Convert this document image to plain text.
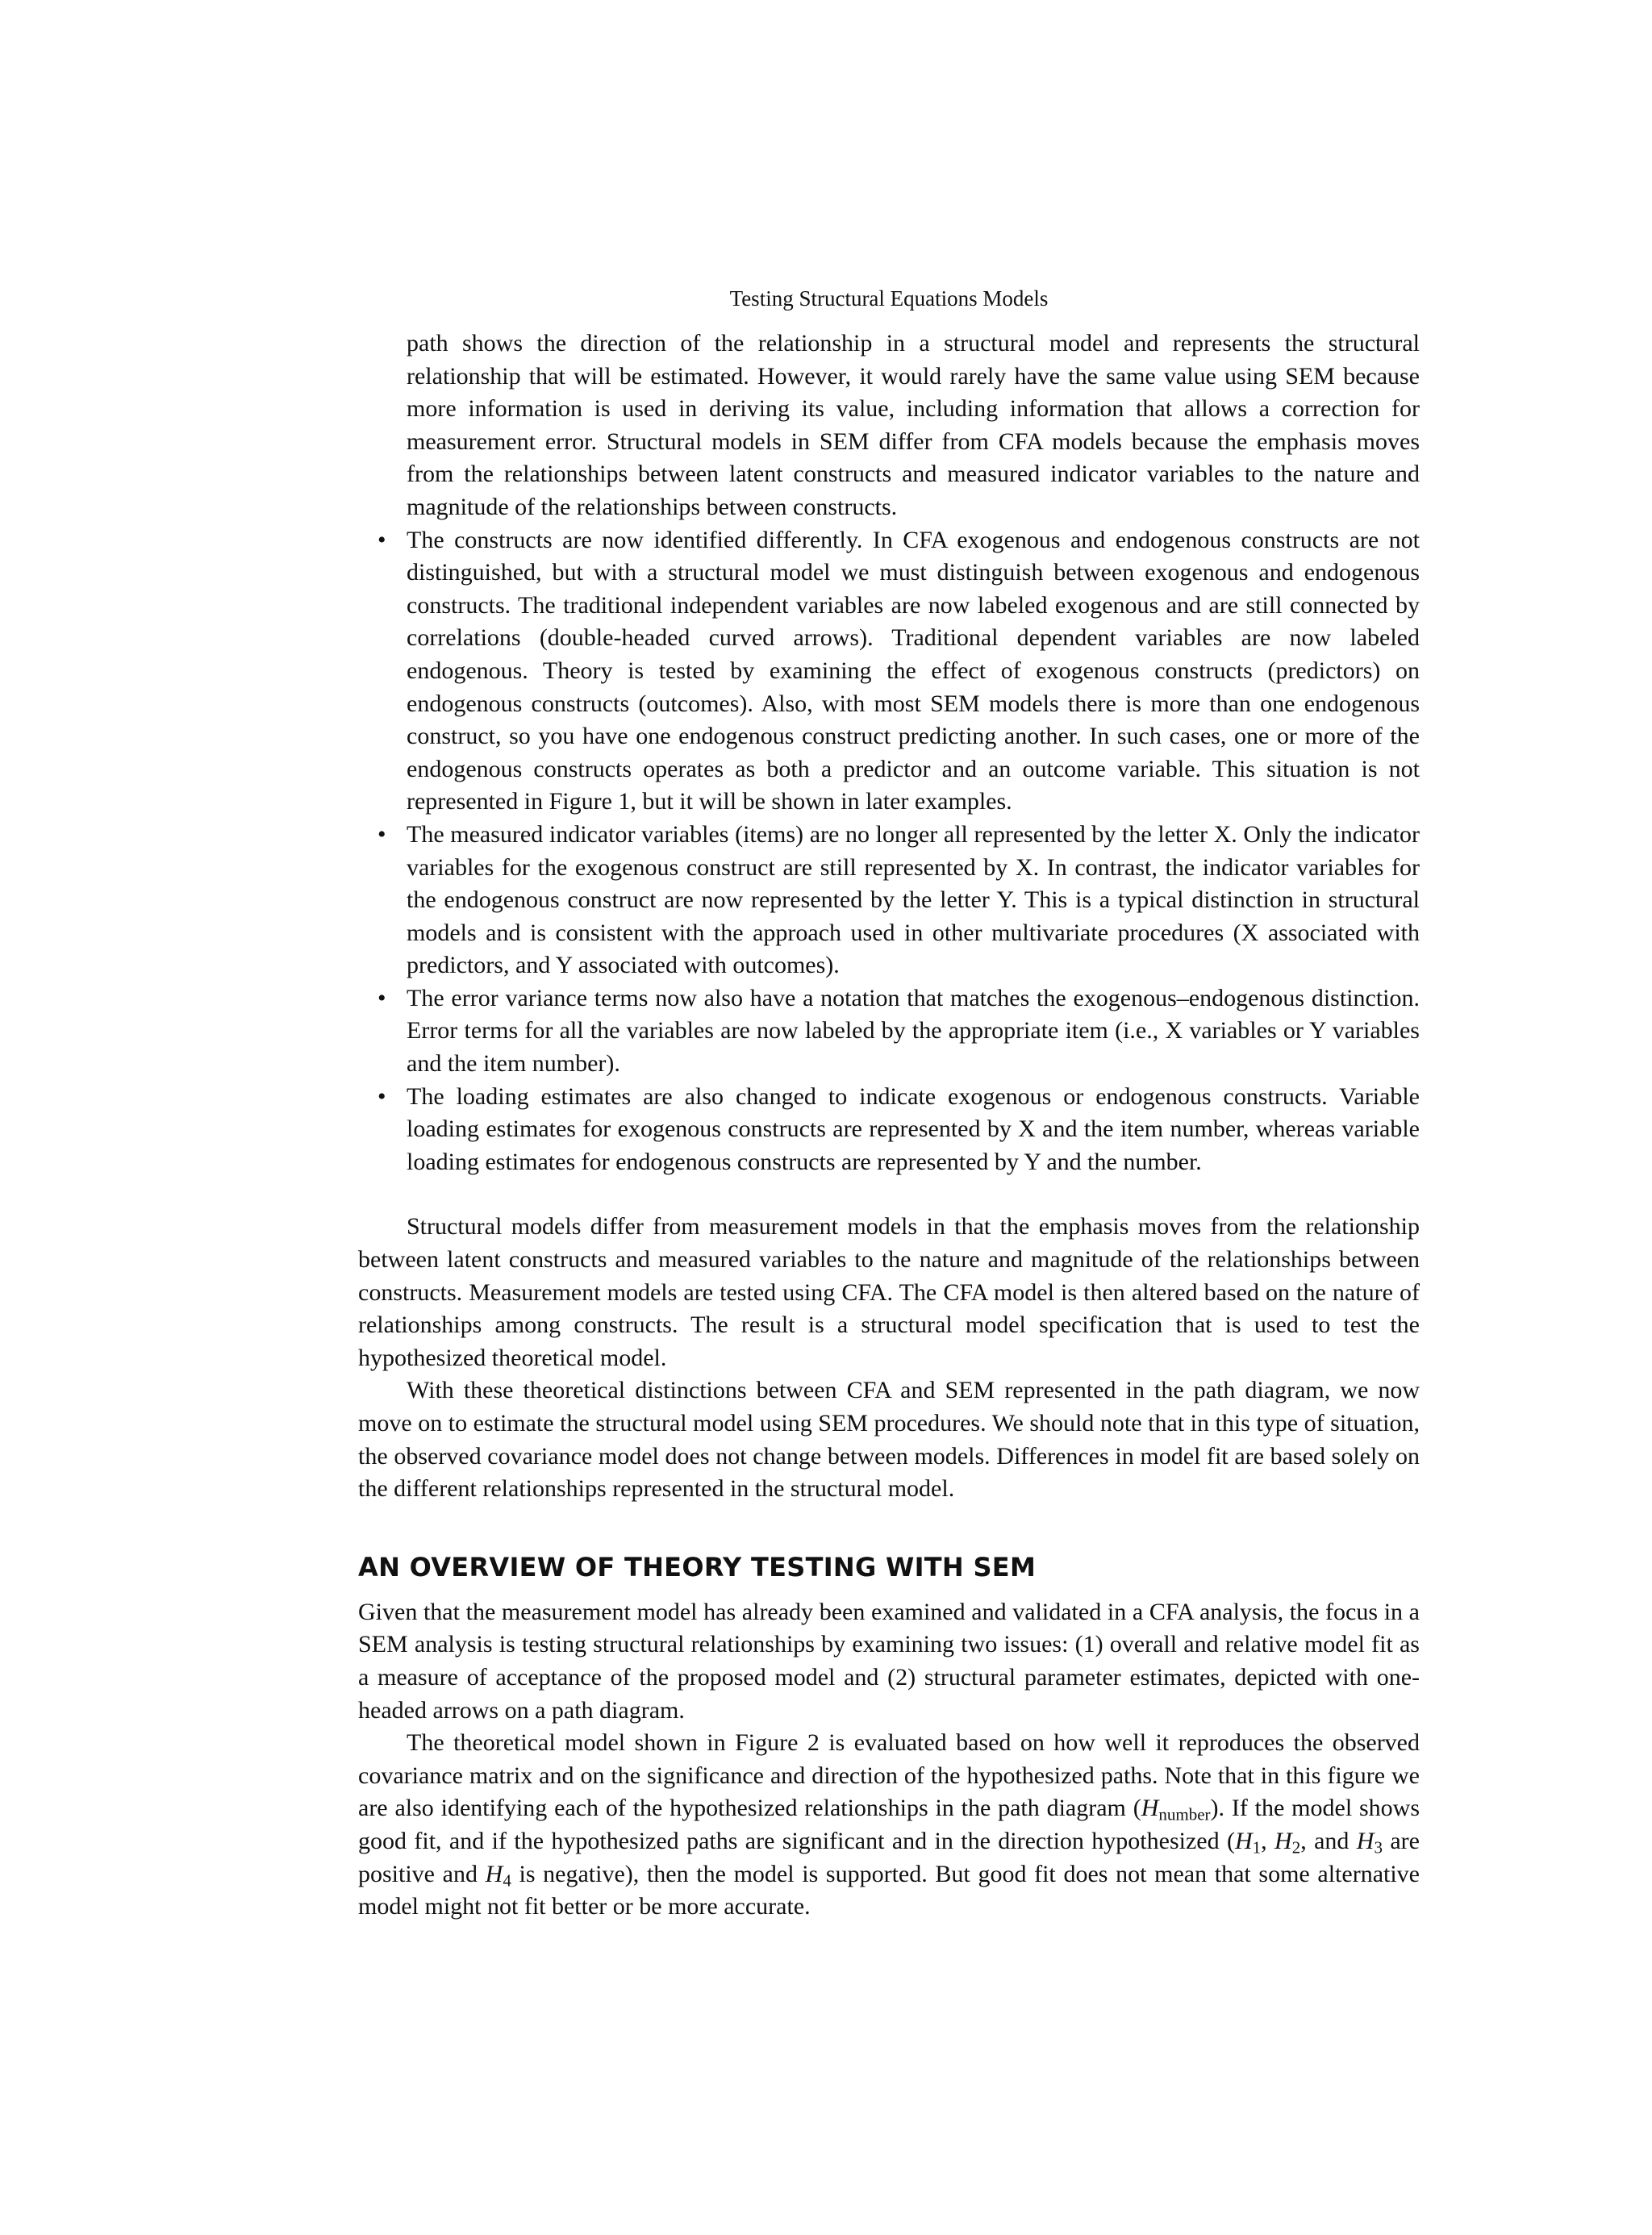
Testing Structural Equations Models

path shows the direction of the relationship in a structural model and represents the structural relationship that will be estimated. However, it would rarely have the same value using SEM because more information is used in deriving its value, including information that allows a correction for measurement error. Structural models in SEM differ from CFA models because the emphasis moves from the relationships between latent constructs and measured indicator variables to the nature and magnitude of the relationships between constructs.

• The constructs are now identified differently. In CFA exogenous and endogenous constructs are not distinguished, but with a structural model we must distinguish between exogenous and endogenous constructs. The traditional independent variables are now labeled exogenous and are still connected by correlations (double-headed curved arrows). Traditional dependent variables are now labeled endogenous. Theory is tested by examining the effect of exogenous constructs (predictors) on endogenous constructs (outcomes). Also, with most SEM models there is more than one endogenous construct, so you have one endogenous construct predicting another. In such cases, one or more of the endogenous constructs operates as both a predictor and an outcome variable. This situation is not represented in Figure 1, but it will be shown in later examples.
• The measured indicator variables (items) are no longer all represented by the letter X. Only the indicator variables for the exogenous construct are still represented by X. In contrast, the indicator variables for the endogenous construct are now represented by the letter Y. This is a typical distinction in structural models and is consistent with the approach used in other multivariate procedures (X associated with predictors, and Y associated with outcomes).
• The error variance terms now also have a notation that matches the exogenous–endogenous distinction. Error terms for all the variables are now labeled by the appropriate item (i.e., X variables or Y variables and the item number).
• The loading estimates are also changed to indicate exogenous or endogenous constructs. Variable loading estimates for exogenous constructs are represented by X and the item number, whereas variable loading estimates for endogenous constructs are represented by Y and the number.

Structural models differ from measurement models in that the emphasis moves from the relationship between latent constructs and measured variables to the nature and magnitude of the relationships between constructs. Measurement models are tested using CFA. The CFA model is then altered based on the nature of relationships among constructs. The result is a structural model specification that is used to test the hypothesized theoretical model.

With these theoretical distinctions between CFA and SEM represented in the path diagram, we now move on to estimate the structural model using SEM procedures. We should note that in this type of situation, the observed covariance model does not change between models. Differences in model fit are based solely on the different relationships represented in the structural model.

AN OVERVIEW OF THEORY TESTING WITH SEM

Given that the measurement model has already been examined and validated in a CFA analysis, the focus in a SEM analysis is testing structural relationships by examining two issues: (1) overall and relative model fit as a measure of acceptance of the proposed model and (2) structural parameter estimates, depicted with one-headed arrows on a path diagram.

The theoretical model shown in Figure 2 is evaluated based on how well it reproduces the observed covariance matrix and on the significance and direction of the hypothesized paths. Note that in this figure we are also identifying each of the hypothesized relationships in the path diagram $(H_{number})$. If the model shows good fit, and if the hypothesized paths are significant and in the direction hypothesized ($H_1$, $H_2$, and $H_3$ are positive and $H_4$ is negative), then the model is supported. But good fit does not mean that some alternative model might not fit better or be more accurate.
